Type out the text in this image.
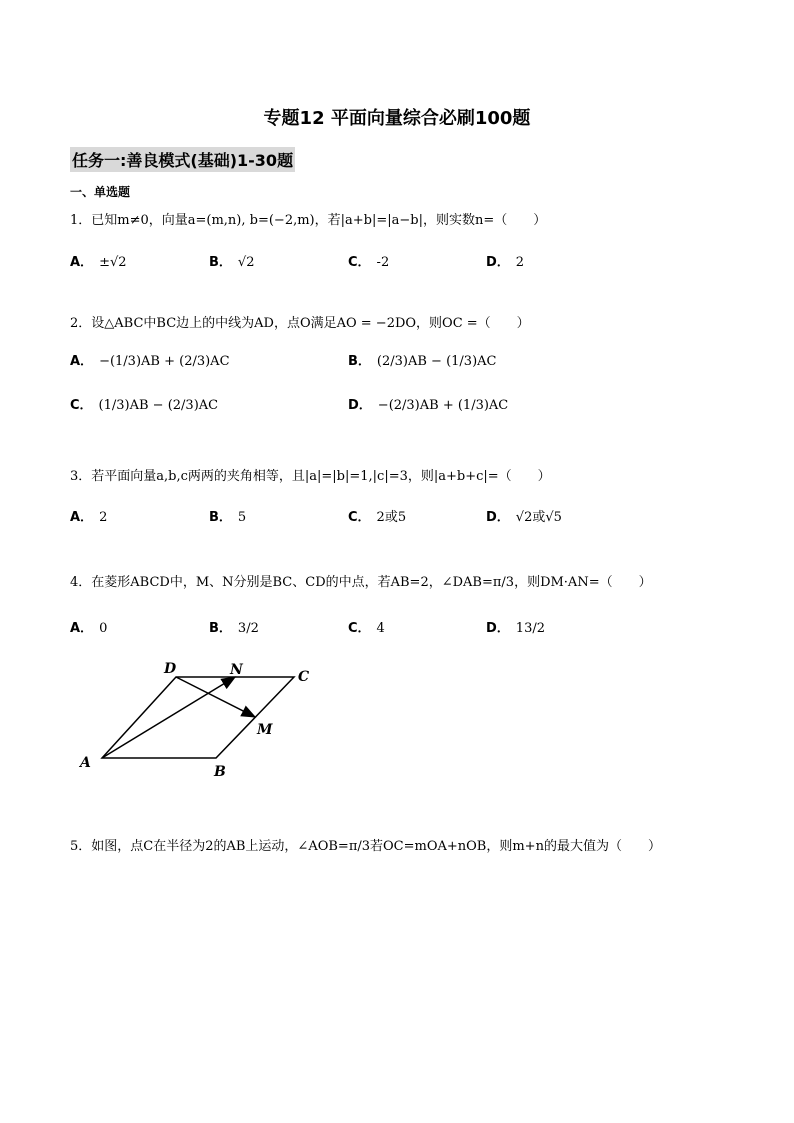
专题12 平面向量综合必刷100题
任务一:善良模式(基础)1-30题
一、单选题
1．已知m≠0，向量a=(m,n), b=(−2,m)，若|a+b|=|a−b|，则实数n=（　　）
A． ±√2	B． √2	C． -2	D． 2
2．设△ABC中BC边上的中线为AD，点O满足AO = −2DO，则OC =（　　）
A． −(1/3)AB + (2/3)AC	B． (2/3)AB − (1/3)AC
C． (1/3)AB − (2/3)AC	D． −(2/3)AB + (1/3)AC
3．若平面向量a,b,c两两的夹角相等，且|a|=|b|=1,|c|=3，则|a+b+c|=（　　）
A． 2	B． 5	C． 2或5	D． √2或√5
4．在菱形ABCD中，M、N分别是BC、CD的中点，若AB=2，∠DAB=π/3，则DM·AN=（　　）
A． 0	B． 3/2	C． 4	D． 13/2
A
B
C
D
M
N
5．如图，点C在半径为2的AB上运动，∠AOB=π/3若OC=mOA+nOB，则m+n的最大值为（　　）
